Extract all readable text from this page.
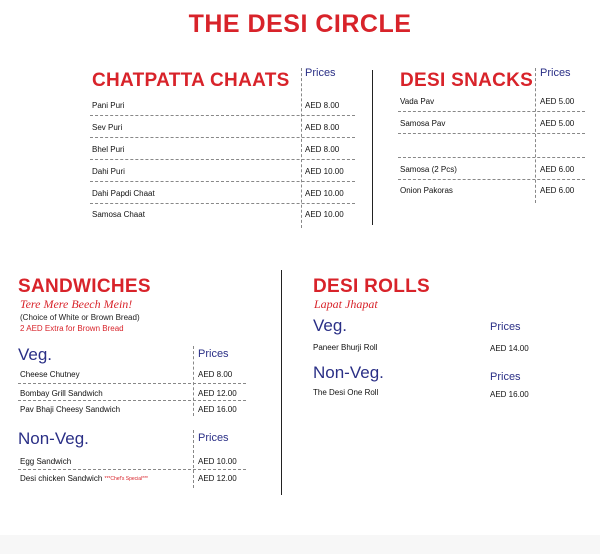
THE DESI CIRCLE
CHATPATTA CHAATS Prices
Pani Puri	AED 8.00
Sev Puri	AED 8.00
Bhel Puri	AED 8.00
Dahi Puri	AED 10.00
Dahi Papdi Chaat	AED 10.00
Samosa Chaat	AED 10.00
DESI SNACKS Prices
Vada Pav	AED 5.00
Samosa Pav	AED 5.00
Samosa (2 Pcs)	AED 6.00
Onion Pakoras	AED 6.00
SANDWICHES
Tere Mere Beech Mein!
(Choice of White or Brown Bread)
2 AED Extra for Brown Bread
Veg.	Prices
Cheese Chutney	AED 8.00
Bombay Grill Sandwich	AED 12.00
Pav Bhaji Cheesy Sandwich	AED 16.00
Non-Veg.	Prices
Egg Sandwich	AED 10.00
Desi chicken Sandwich ***Chef's Special***	AED 12.00
DESI ROLLS
Lapat Jhapat
Veg.	Prices
Paneer Bhurji Roll	AED 14.00
Non-Veg.	Prices
The Desi One Roll	AED 16.00
